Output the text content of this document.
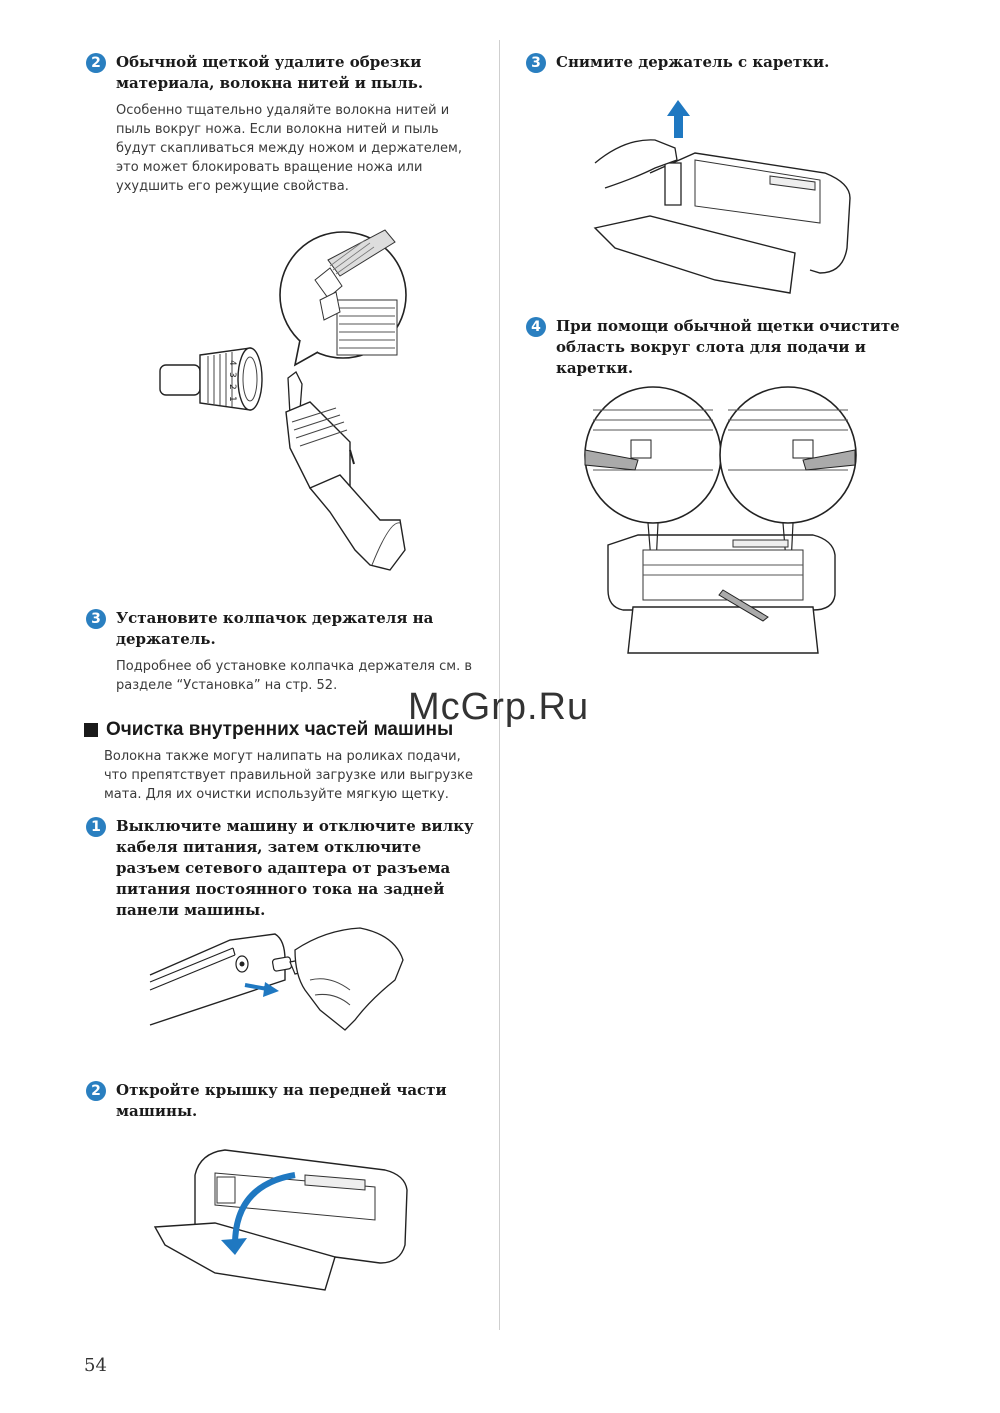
2	Обычной щеткой удалите обрезки материала, волокна нитей и пыль.
Особенно тщательно удаляйте волокна нитей и пыль вокруг ножа. Если волокна нитей и пыль будут скапливаться между ножом и держателем, это может блокировать вращение ножа или ухудшить его режущие свойства.
4
3
2
1
3	Установите колпачок держателя на держатель.
Подробнее об установке колпачка держателя см. в разделе “Установка” на стр. 52.
Очистка внутренних частей машины
Волокна также могут налипать на роликах подачи, что препятствует правильной загрузке или выгрузке мата. Для их очистки используйте мягкую щетку.
1	Выключите машину и отключите вилку кабеля питания, затем отключите разъем сетевого адаптера от разъема питания постоянного тока на задней панели машины.
2	Откройте крышку на передней части машины.
3	Снимите держатель с каретки.
4	При помощи обычной щетки очистите область вокруг слота для подачи и каретки.
McGrp.Ru
54
